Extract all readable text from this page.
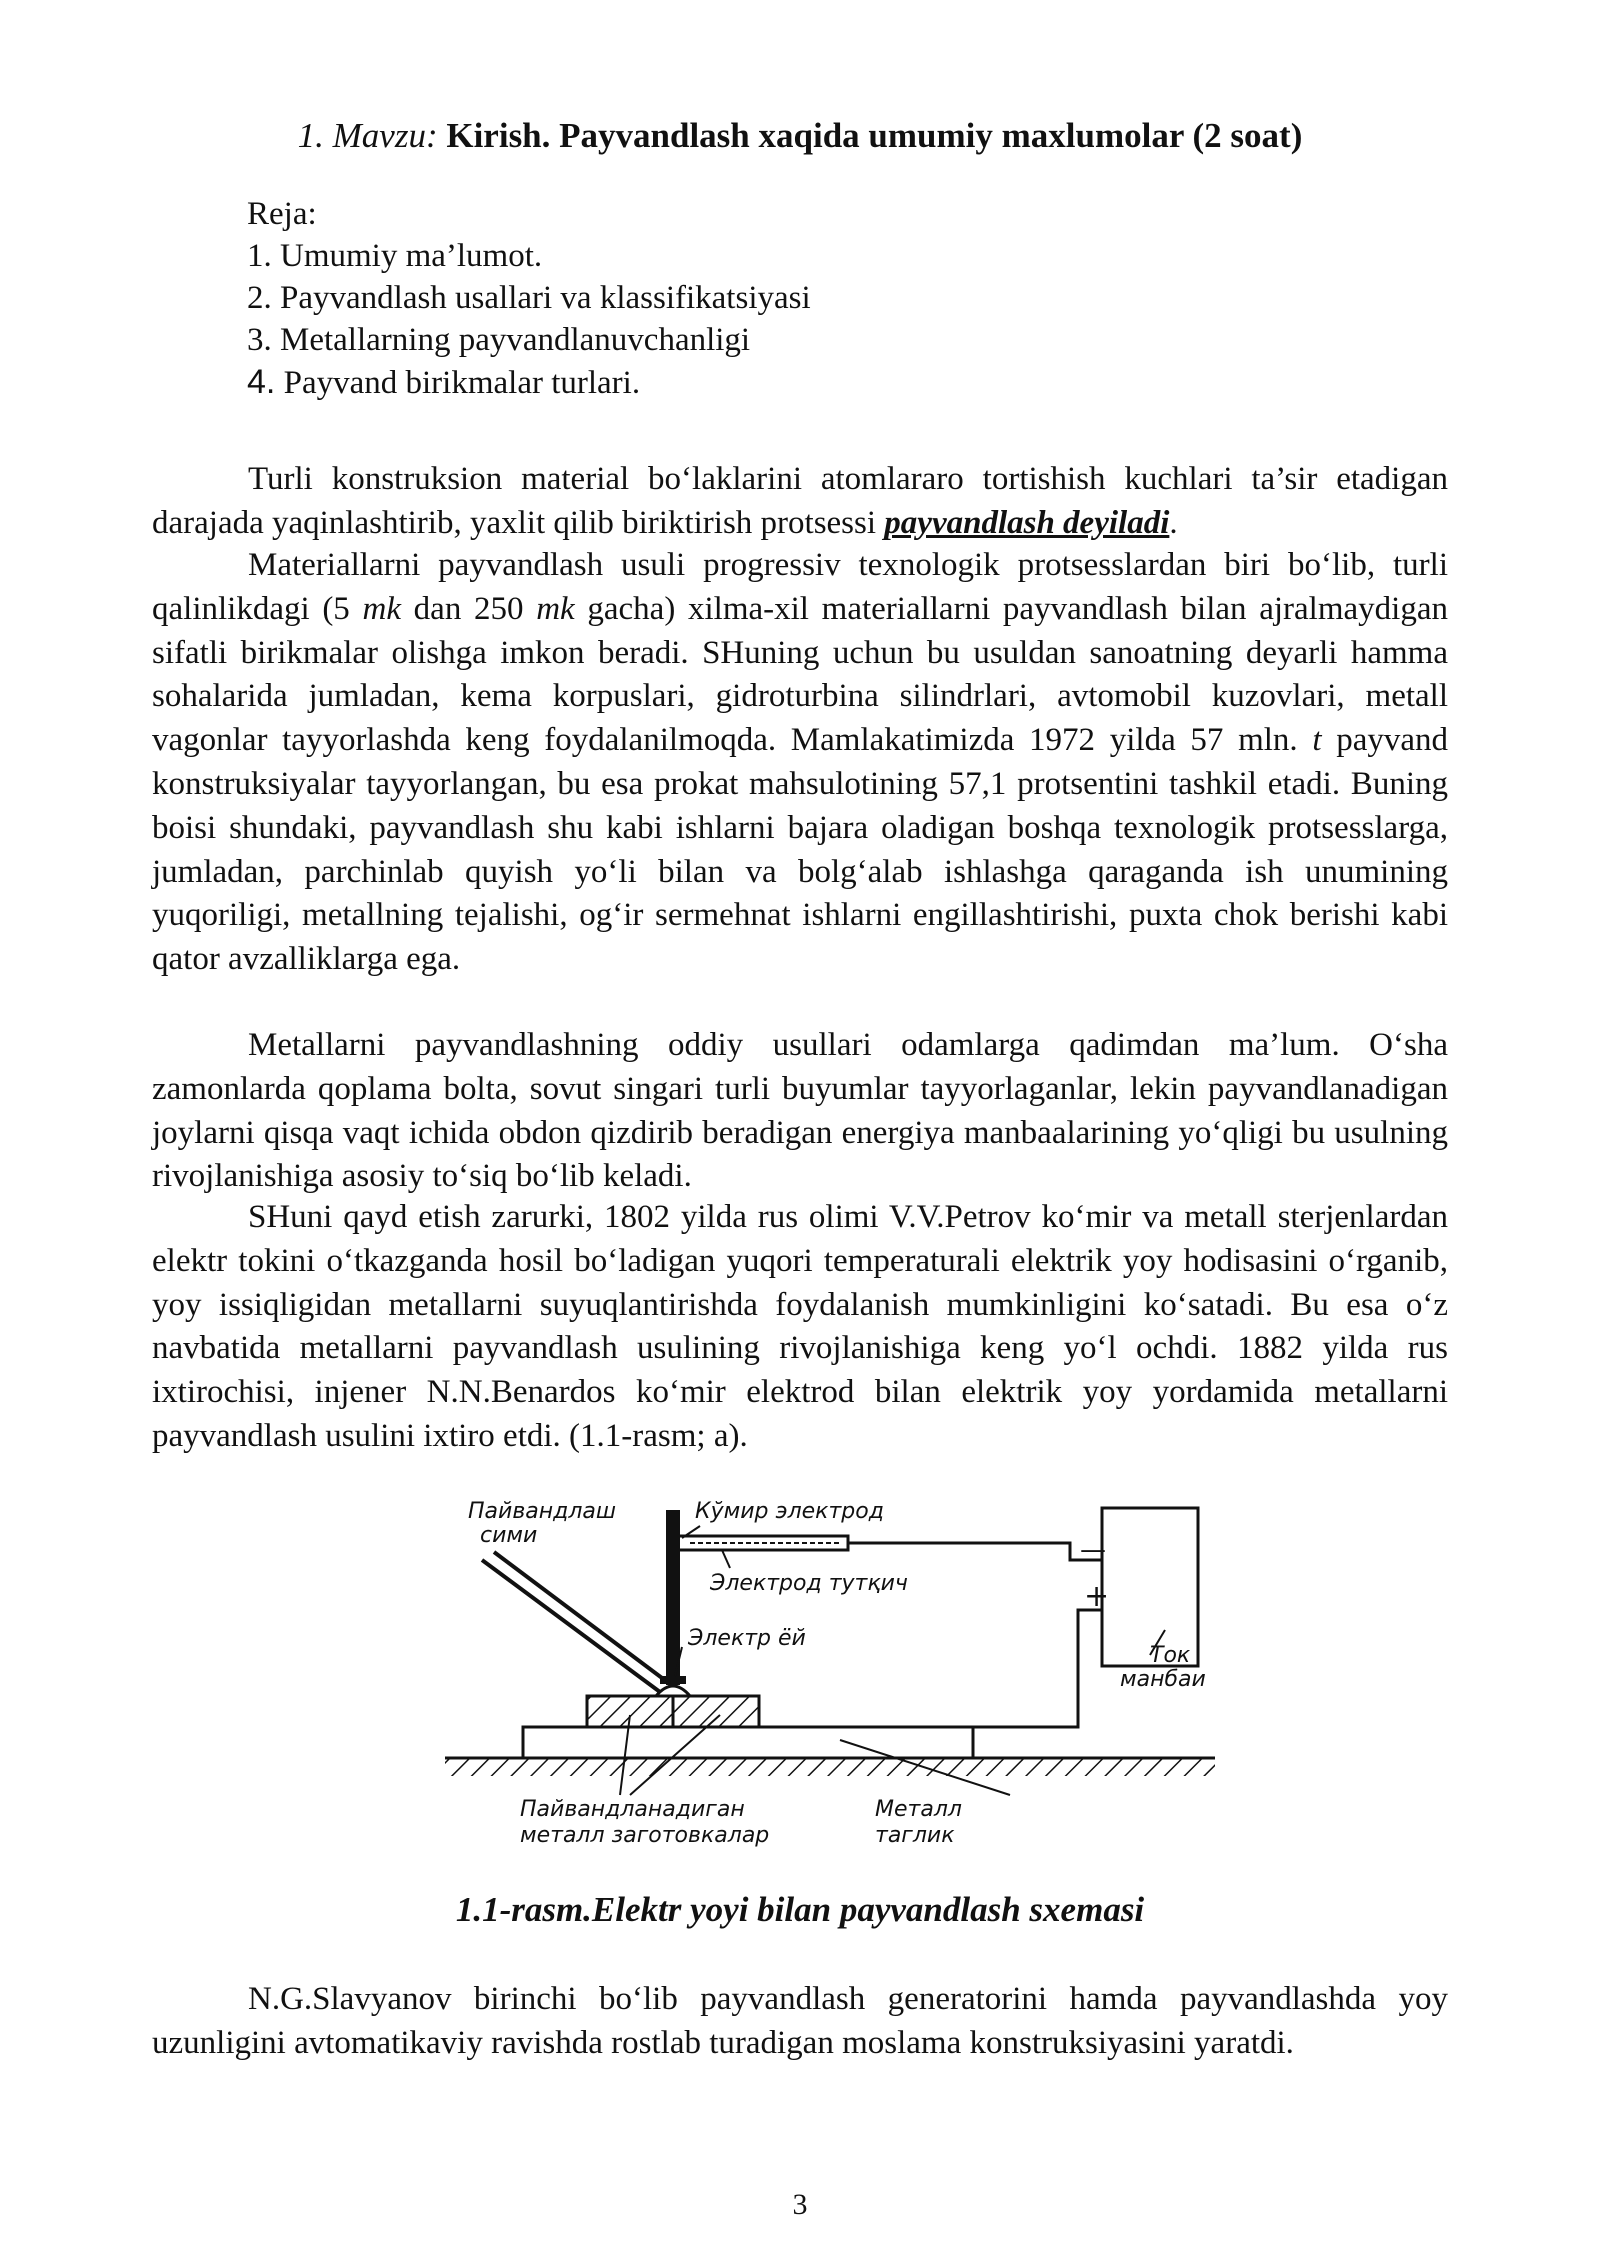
1. Mavzu: Kirish. Payvandlash xaqida umumiy maxlumolar (2 soat)
Reja:
1. Umumiy ma’lumot.
2. Payvandlash usallari va klassifikatsiyasi
3. Metallarning payvandlanuvchanligi
4. Payvand birikmalar turlari.

Turli konstruksion material bo‘laklarini atomlararo tortishish kuchlari ta’sir etadigan darajada yaqinlashtirib, yaxlit qilib biriktirish protsessi payvandlash deyiladi.

Materiallarni payvandlash usuli progressiv texnologik protsesslardan biri bo‘lib, turli qalinlikdagi (5 mk dan 250 mk gacha) xilma-xil materiallarni payvandlash bilan ajralmaydigan sifatli birikmalar olishga imkon beradi. SHuning uchun bu usuldan sanoatning deyarli hamma sohalarida jumladan, kema korpuslari, gidroturbina silindrlari, avtomobil kuzovlari, metall vagonlar tayyorlashda keng foydalanilmoqda. Mamlakatimizda 1972 yilda 57 mln. t payvand konstruksiyalar tayyorlangan, bu esa prokat mahsulotining 57,1 protsentini tashkil etadi. Buning boisi shundaki, payvandlash shu kabi ishlarni bajara oladigan boshqa texnologik protsesslarga, jumladan, parchinlab quyish yo‘li bilan va bolg‘alab ishlashga qaraganda ish unumining yuqoriligi, metallning tejalishi, og‘ir sermehnat ishlarni engillashtirishi, puxta chok berishi kabi qator avzalliklarga ega.

Metallarni payvandlashning oddiy usullari odamlarga qadimdan ma’lum. O‘sha zamonlarda qoplama bolta, sovut singari turli buyumlar tayyorlaganlar, lekin payvandlanadigan joylarni qisqa vaqt ichida obdon qizdirib beradigan energiya manbaalarining yo‘qligi bu usulning rivojlanishiga asosiy to‘siq bo‘lib keladi.

SHuni qayd etish zarurki, 1802 yilda rus olimi V.V.Petrov ko‘mir va metall sterjenlardan elektr tokini o‘tkazganda hosil bo‘ladigan yuqori temperaturali elektrik yoy hodisasini o‘rganib, yoy issiqligidan metallarni suyuqlantirishda foydalanish mumkinligini ko‘satadi. Bu esa o‘z navbatida metallarni payvandlash usulining rivojlanishiga keng yo‘l ochdi. 1882 yilda rus ixtirochisi, injener N.N.Benardos ko‘mir elektrod bilan elektrik yoy yordamida metallarni payvandlash usulini ixtiro etdi. (1.1-rasm; a).

Пайвандлаш
сими
Кўмир электрод
Электрод тутқич
Электр ёй
—
+
Ток
манбаи
Пайвандланадиган
металл заготовкалар
Металл
таглик
1.1-rasm.Elektr yoyi bilan payvandlash sxemasi

N.G.Slavyanov birinchi bo‘lib payvandlash generatorini hamda payvandlashda yoy uzunligini avtomatikaviy ravishda rostlab turadigan moslama konstruksiyasini yaratdi.

3
